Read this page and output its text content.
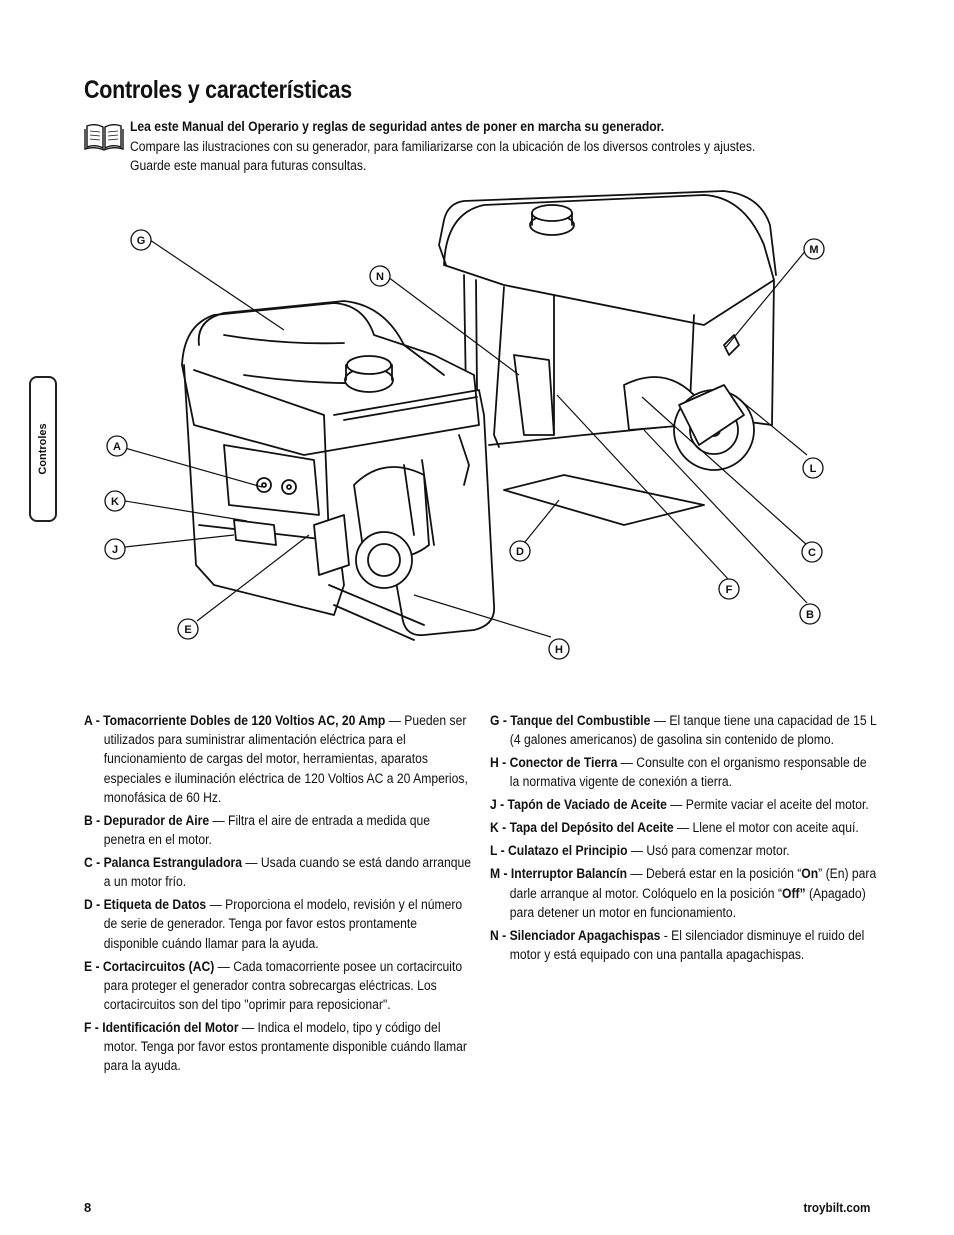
Controles y características
Lea este Manual del Operario y reglas de seguridad antes de poner en marcha su generador.
Compare las ilustraciones con su generador, para familiarizarse con la ubicación de los diversos controles y ajustes.
Guarde este manual para futuras consultas.
Controles
G
N
M
A
K
J
E
H
D
F
L
C
B

A - Tomacorriente Dobles de 120 Voltios AC, 20 Amp — Pueden ser utilizados para suministrar alimentación eléctrica para el funcionamiento de cargas del motor, herramientas, aparatos especiales e iluminación eléctrica de 120 Voltios AC a 20 Amperios, monofásica de 60 Hz.

B - Depurador de Aire — Filtra el aire de entrada a medida que penetra en el motor.

C - Palanca Estranguladora — Usada cuando se está dando arranque a un motor frío.

D - Etiqueta de Datos — Proporciona el modelo, revisión y el número de serie de generador. Tenga por favor estos prontamente disponible cuándo llamar para la ayuda.

E - Cortacircuitos (AC) — Cada tomacorriente posee un cortacircuito para proteger el generador contra sobrecargas eléctricas. Los cortacircuitos son del tipo "oprimir para reposicionar".

F - Identificación del Motor — Indica el modelo, tipo y código del motor. Tenga por favor estos prontamente disponible cuándo llamar para la ayuda.

G - Tanque del Combustible — El tanque tiene una capacidad de 15 L (4 galones americanos) de gasolina sin contenido de plomo.

H - Conector de Tierra — Consulte con el organismo responsable de la normativa vigente de conexión a tierra.

J - Tapón de Vaciado de Aceite — Permite vaciar el aceite del motor.

K - Tapa del Depósito del Aceite — Llene el motor con aceite aquí.

L - Culatazo el Principio — Usó para comenzar motor.

M - Interruptor Balancín — Deberá estar en la posición “On” (En) para darle arranque al motor. Colóquelo en la posición “Off” (Apagado) para detener un motor en funcionamiento.

N - Silenciador Apagachispas - El silenciador disminuye el ruido del motor y está equipado con una pantalla apagachispas.

8	troybilt.com
